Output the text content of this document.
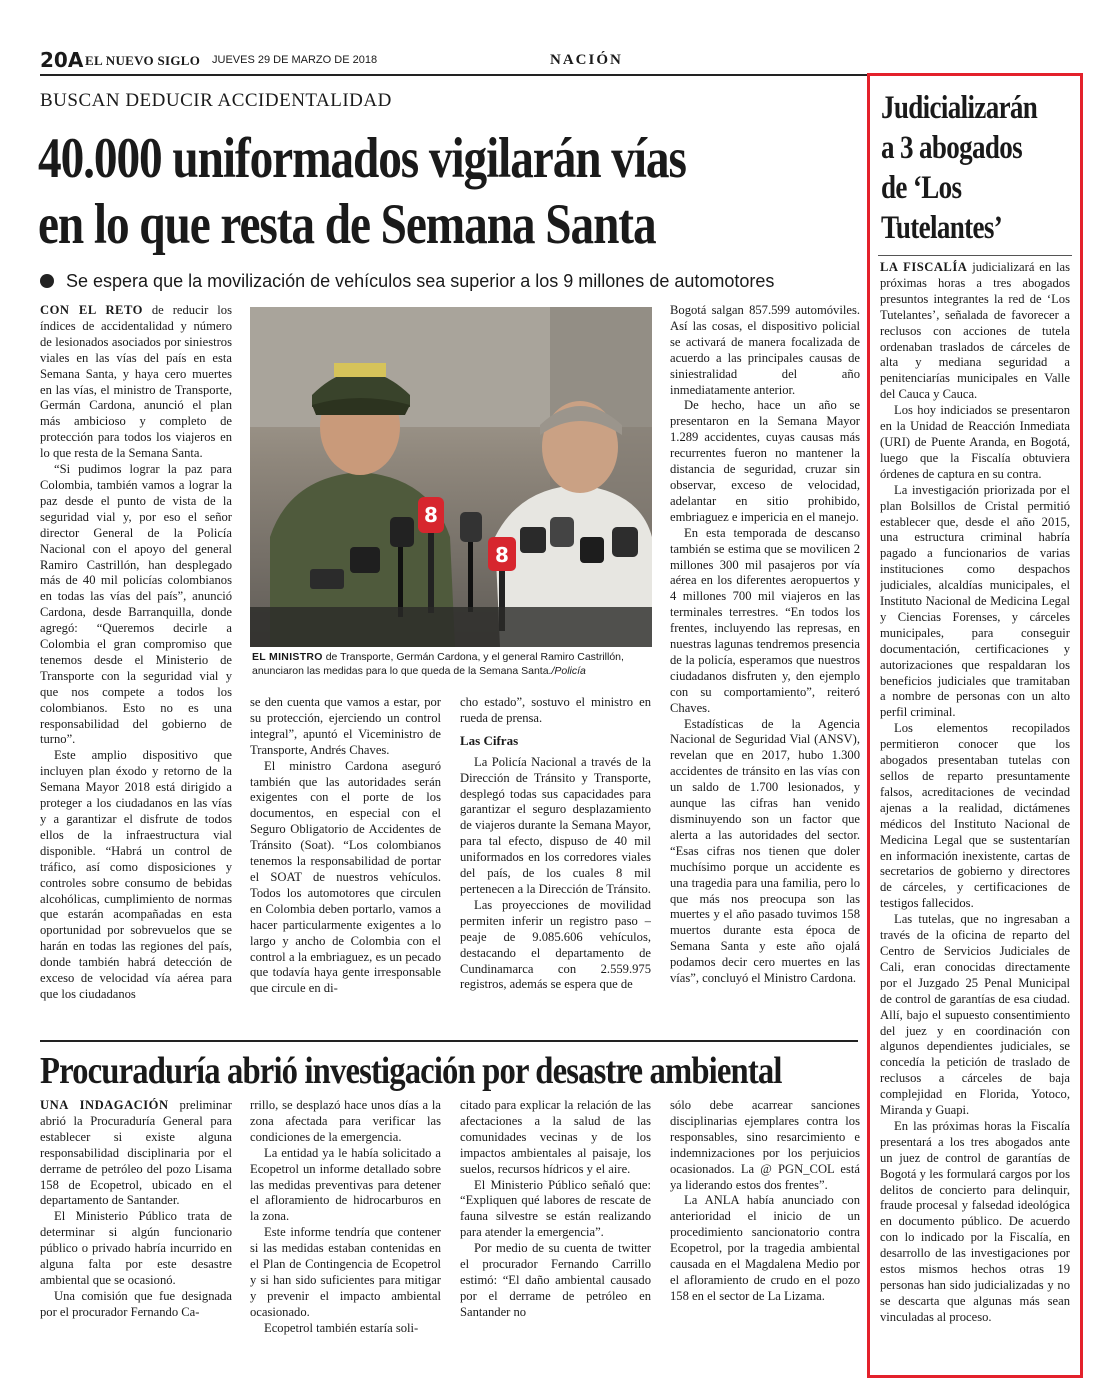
20A EL NUEVO SIGLO JUEVES 29 DE MARZO DE 2018	NACIÓN
BUSCAN DEDUCIR ACCIDENTALIDAD
40.000 uniformados vigilarán vías
en lo que resta de Semana Santa
Se espera que la movilización de vehículos sea superior a los 9 millones de automotores

CON EL RETO de reducir los índices de accidentalidad y número de lesionados asociados por siniestros viales en las vías del país en esta Semana Santa, y haya cero muertes en las vías, el ministro de Transporte, Germán Cardona, anunció el plan más ambicioso y completo de protección para todos los viajeros en lo que resta de la Semana Santa.

“Si pudimos lograr la paz para Colombia, también vamos a lograr la paz desde el punto de vista de la seguridad vial y, por eso el señor director General de la Policía Nacional con el apoyo del general Ramiro Castrillón, han desplegado más de 40 mil policías colombianos en todas las vías del país”, anunció Cardona, desde Barranquilla, donde agregó: “Queremos decirle a Colombia el gran compromiso que tenemos desde el Ministerio de Transporte con la seguridad vial y que nos compete a todos los colombianos. Esto no es una responsabilidad del gobierno de turno”.

Este amplio dispositivo que incluyen plan éxodo y retorno de la Semana Mayor 2018 está dirigido a proteger a los ciudadanos en las vías y a garantizar el disfrute de todos ellos de la infraestructura vial disponible. “Habrá un control de tráfico, así como disposiciones y controles sobre consumo de bebidas alcohólicas, cumplimiento de normas que estarán acompañadas en esta oportunidad por sobrevuelos que se harán en todas las regiones del país, donde también habrá detección de exceso de velocidad vía aérea para que los ciudadanos

8
8
EL MINISTRO de Transporte, Germán Cardona, y el general Ramiro Castrillón, anunciaron las medidas para lo que queda de la Semana Santa./Policía

se den cuenta que vamos a estar, por su protección, ejerciendo un control integral”, apuntó el Viceministro de Transporte, Andrés Chaves.

El ministro Cardona aseguró también que las autoridades serán exigentes con el porte de los documentos, en especial con el Seguro Obligatorio de Accidentes de Tránsito (Soat). “Los colombianos tenemos la responsabilidad de portar el SOAT de nuestros vehículos. Todos los automotores que circulen en Colombia deben portarlo, vamos a hacer particularmente exigentes a lo largo y ancho de Colombia con el control a la embriaguez, es un pecado que todavía haya gente irresponsable que circule en di-

cho estado”, sostuvo el ministro en rueda de prensa.

Las Cifras

La Policía Nacional a través de la Dirección de Tránsito y Transporte, desplegó todas sus capacidades para garantizar el seguro desplazamiento de viajeros durante la Semana Mayor, para tal efecto, dispuso de 40 mil uniformados en los corredores viales del país, de los cuales 8 mil pertenecen a la Dirección de Tránsito.

Las proyecciones de movilidad permiten inferir un registro paso – peaje de 9.085.606 vehículos, destacando el departamento de Cundinamarca con 2.559.975 registros, además se espera que de

Bogotá salgan 857.599 automóviles. Así las cosas, el dispositivo policial se activará de manera focalizada de acuerdo a las principales causas de siniestralidad del año inmediatamente anterior.

De hecho, hace un año se presentaron en la Semana Mayor 1.289 accidentes, cuyas causas más recurrentes fueron no mantener la distancia de seguridad, cruzar sin observar, exceso de velocidad, adelantar en sitio prohibido, embriaguez e impericia en el manejo.

En esta temporada de descanso también se estima que se movilicen 2 millones 300 mil pasajeros por vía aérea en los diferentes aeropuertos y 4 millones 700 mil viajeros en las terminales terrestres. “En todos los frentes, incluyendo las represas, en nuestras lagunas tendremos presencia de la policía, esperamos que nuestros ciudadanos disfruten y, den ejemplo con su comportamiento”, reiteró Chaves.

Estadísticas de la Agencia Nacional de Seguridad Vial (ANSV), revelan que en 2017, hubo 1.300 accidentes de tránsito en las vías con un saldo de 1.700 lesionados, y aunque las cifras han venido disminuyendo son un factor que alerta a las autoridades del sector. “Esas cifras nos tienen que doler muchísimo porque un accidente es una tragedia para una familia, pero lo que más nos preocupa son las muertes y el año pasado tuvimos 158 muertos durante esta época de Semana Santa y este año ojalá podamos decir cero muertes en las vías”, concluyó el Ministro Cardona.

Procuraduría abrió investigación por desastre ambiental

UNA INDAGACIÓN preliminar abrió la Procuraduría General para establecer si existe alguna responsabilidad disciplinaria por el derrame de petróleo del pozo Lisama 158 de Ecopetrol, ubicado en el departamento de Santander.

El Ministerio Público trata de determinar si algún funcionario público o privado habría incurrido en alguna falta por este desastre ambiental que se ocasionó.

Una comisión que fue designada por el procurador Fernando Ca-

rrillo, se desplazó hace unos días a la zona afectada para verificar las condiciones de la emergencia.

La entidad ya le había solicitado a Ecopetrol un informe detallado sobre las medidas preventivas para detener el afloramiento de hidrocarburos en la zona.

Este informe tendría que contener si las medidas estaban contenidas en el Plan de Contingencia de Ecopetrol y si han sido suficientes para mitigar y prevenir el impacto ambiental ocasionado.

Ecopetrol también estaría soli-

citado para explicar la relación de las afectaciones a la salud de las comunidades vecinas y de los impactos ambientales al paisaje, los suelos, recursos hídricos y el aire.

El Ministerio Público señaló que: “Expliquen qué labores de rescate de fauna silvestre se están realizando para atender la emergencia”.

Por medio de su cuenta de twitter el procurador Fernando Carrillo estimó: “El daño ambiental causado por el derrame de petróleo en Santander no

sólo debe acarrear sanciones disciplinarias ejemplares contra los responsables, sino resarcimiento e indemnizaciones por los perjuicios ocasionados. La @ PGN_COL está ya liderando estos dos frentes”.

La ANLA había anunciado con anterioridad el inicio de un procedimiento sancionatorio contra Ecopetrol, por la tragedia ambiental causada en el Magdalena Medio por el afloramiento de crudo en el pozo 158 en el sector de La Lizama.

Judicializarán
a 3 abogados
de ‘Los
Tutelantes’

LA FISCALÍA judicializará en las próximas horas a tres abogados presuntos integrantes la red de ‘Los Tutelantes’, señalada de favorecer a reclusos con acciones de tutela ordenaban traslados de cárceles de alta y mediana seguridad a penitenciarías municipales en Valle del Cauca y Cauca.

Los hoy indiciados se presentaron en la Unidad de Reacción Inmediata (URI) de Puente Aranda, en Bogotá, luego que la Fiscalía obtuviera órdenes de captura en su contra.

La investigación priorizada por el plan Bolsillos de Cristal permitió establecer que, desde el año 2015, una estructura criminal habría pagado a funcionarios de varias instituciones como despachos judiciales, alcaldías municipales, el Instituto Nacional de Medicina Legal y Ciencias Forenses, y cárceles municipales, para conseguir documentación, certificaciones y autorizaciones que respaldaran los beneficios judiciales que tramitaban a nombre de personas con un alto perfil criminal.

Los elementos recopilados permitieron conocer que los abogados presentaban tutelas con sellos de reparto presuntamente falsos, acreditaciones de vecindad ajenas a la realidad, dictámenes médicos del Instituto Nacional de Medicina Legal que se sustentarían en información inexistente, cartas de secretarios de gobierno y directores de cárceles, y certificaciones de testigos fallecidos.

Las tutelas, que no ingresaban a través de la oficina de reparto del Centro de Servicios Judiciales de Cali, eran conocidas directamente por el Juzgado 25 Penal Municipal de control de garantías de esa ciudad. Allí, bajo el supuesto consentimiento del juez y en coordinación con algunos dependientes judiciales, se concedía la petición de traslado de reclusos a cárceles de baja complejidad en Florida, Yotoco, Miranda y Guapi.

En las próximas horas la Fiscalía presentará a los tres abogados ante un juez de control de garantías de Bogotá y les formulará cargos por los delitos de concierto para delinquir, fraude procesal y falsedad ideológica en documento público. De acuerdo con lo indicado por la Fiscalía, en desarrollo de las investigaciones por estos mismos hechos otras 19 personas han sido judicializadas y no se descarta que algunas más sean vinculadas al proceso.
